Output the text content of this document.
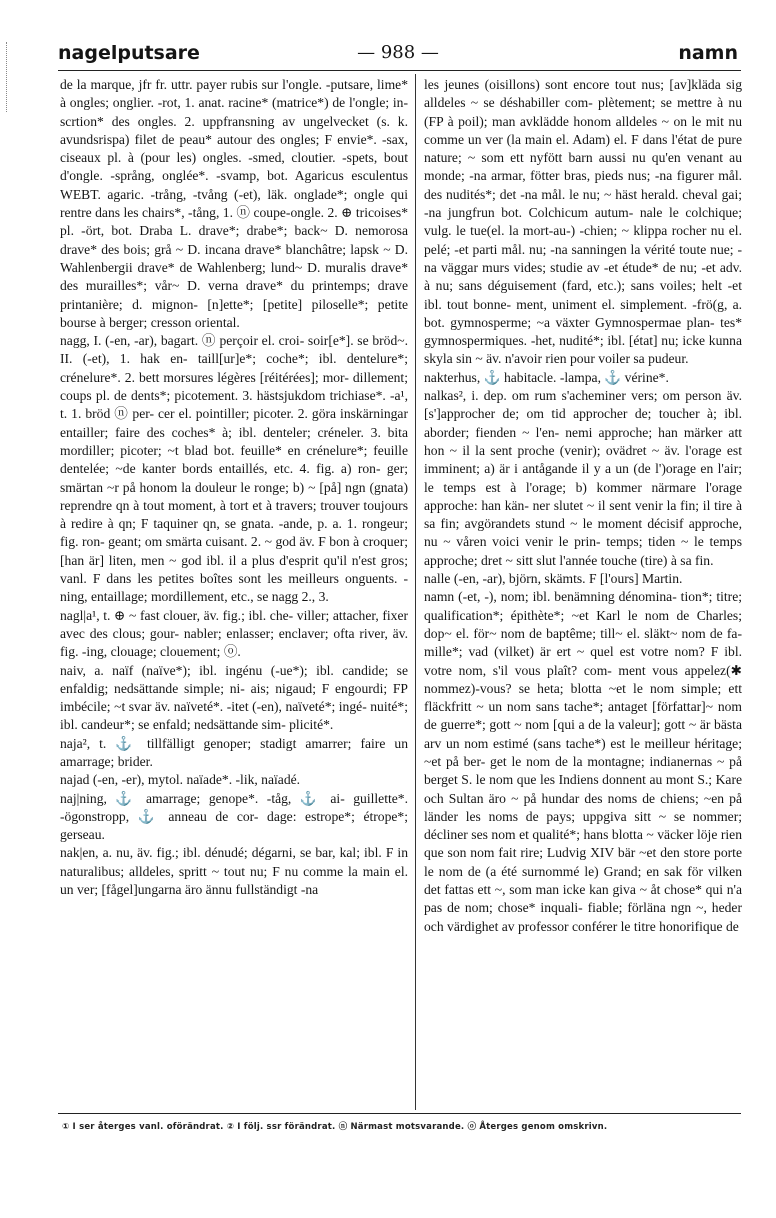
nagelputsare	— 988 —	namn

de la marque, jfr fr. uttr. payer rubis sur l'ongle. -putsare, lime* à ongles; onglier. -rot, 1. anat. racine* (matrice*) de l'ongle; in- scrtion* des ongles. 2. uppfransning av ungelvecket (s. k. avundsrispa) filet de peau* autour des ongles; F envie*. -sax, ciseaux pl. à (pour les) ongles. -smed, cloutier. -spets, bout d'ongle. -språng, onglée*. -svamp, bot. Agaricus esculentus WEBT. agaric. -trång, -tvång (-et), läk. onglade*; ongle qui rentre dans les chairs*, -tång, 1. ⓝ coupe-ongle. 2. ⊕ tricoises* pl. -ört, bot. Draba L. drave*; drabe*; back~ D. nemorosa drave* des bois; grå ~ D. incana drave* blanchâtre; lapsk ~ D. Wahlenbergii drave* de Wahlenberg; lund~ D. muralis drave* des murailles*; vår~ D. verna drave* du printemps; drave printanière; d. mignon- [n]ette*; [petite] piloselle*; petite bourse à berger; cresson oriental.

nagg, I. (-en, -ar), bagart. ⓝ perçoir el. croi- soir[e*]. se bröd~. II. (-et), 1. hak en- taill[ur]e*; coche*; ibl. dentelure*; crénelure*. 2. bett morsures légères [réitérées]; mor- dillement; coups pl. de dents*; picotement. 3. hästsjukdom trichiase*. -a¹, t. 1. bröd ⓝ per- cer el. pointiller; picoter. 2. göra inskärningar entailler; faire des coches* à; ibl. denteler; créneler. 3. bita mordiller; picoter; ~t blad bot. feuille* en crénelure*; feuille dentelée; ~de kanter bords entaillés, etc. 4. fig. a) ron- ger; smärtan ~r på honom la douleur le ronge; b) ~ [på] ngn (gnata) reprendre qn à tout moment, à tort et à travers; trouver toujours à redire à qn; F taquiner qn, se gnata. -ande, p. a. 1. rongeur; fig. ron- geant; om smärta cuisant. 2. ~ god äv. F bon à croquer; [han är] liten, men ~ god ibl. il a plus d'esprit qu'il n'est gros; vanl. F dans les petites boîtes sont les meilleurs onguents. -ning, entaillage; mordillement, etc., se nagg 2., 3.

nagl|a¹, t. ⊕ ~ fast clouer, äv. fig.; ibl. che- viller; attacher, fixer avec des clous; gour- nabler; enlasser; enclaver; ofta river, äv. fig. -ing, clouage; clouement; ⓞ.

naiv, a. naïf (naïve*); ibl. ingénu (-ue*); ibl. candide; se enfaldig; nedsättande simple; ni- ais; nigaud; F engourdi; FP imbécile; ~t svar äv. naïveté*. -itet (-en), naïveté*; ingé- nuité*; ibl. candeur*; se enfald; nedsättande sim- plicité*.

naja², t. ⚓ tillfälligt genoper; stadigt amarrer; faire un amarrage; brider.

najad (-en, -er), mytol. naïade*. -lik, naïadé.

naj|ning, ⚓ amarrage; genope*. -tåg, ⚓ ai- guillette*. -ögonstropp, ⚓ anneau de cor- dage: estrope*; étrope*; gerseau.

nak|en, a. nu, äv. fig.; ibl. dénudé; dégarni, se bar, kal; ibl. F in naturalibus; alldeles, spritt ~ tout nu; F nu comme la main el. un ver; [fågel]ungarna äro ännu fullständigt -na

les jeunes (oisillons) sont encore tout nus; [av]kläda sig alldeles ~ se déshabiller com- plètement; se mettre à nu (FP à poil); man avklädde honom alldeles ~ on le mit nu comme un ver (la main el. Adam) el. F dans l'état de pure nature; ~ som ett nyfött barn aussi nu qu'en venant au monde; -na armar, fötter bras, pieds nus; -na figurer mål. des nudités*; det -na mål. le nu; ~ häst herald. cheval gai; -na jungfrun bot. Colchicum autum- nale le colchique; vulg. le tue(el. la mort-au-) -chien; ~ klippa rocher nu el. pelé; -et parti mål. nu; -na sanningen la vérité toute nue; -na väggar murs vides; studie av -et étude* de nu; -et adv. à nu; sans déguisement (fard, etc.); sans voiles; helt -et ibl. tout bonne- ment, uniment el. simplement. -frö(g, a. bot. gymnosperme; ~a växter Gymnospermae plan- tes* gymnospermiques. -het, nudité*; ibl. [état] nu; icke kunna skyla sin ~ äv. n'avoir rien pour voiler sa pudeur.

nakterhus, ⚓ habitacle. -lampa, ⚓ vérine*.

nalkas², i. dep. om rum s'acheminer vers; om person äv. [s']approcher de; om tid approcher de; toucher à; ibl. aborder; fienden ~ l'en- nemi approche; han märker att hon ~ il la sent proche (venir); ovädret ~ äv. l'orage est imminent; a) är i antågande il y a un (de l')orage en l'air; le temps est à l'orage; b) kommer närmare l'orage approche: han kän- ner slutet ~ il sent venir la fin; il tire à sa fin; avgörandets stund ~ le moment décisif approche, nu ~ våren voici venir le prin- temps; tiden ~ le temps approche; dret ~ sitt slut l'année touche (tire) à sa fin.

nalle (-en, -ar), björn, skämts. F [l'ours] Martin.

namn (-et, -), nom; ibl. benämning dénomina- tion*; titre; qualification*; épithète*; ~et Karl le nom de Charles; dop~ el. för~ nom de baptême; till~ el. släkt~ nom de fa- mille*; vad (vilket) är ert ~ quel est votre nom? F ibl. votre nom, s'il vous plaît? com- ment vous appelez(✱ nommez)-vous? se heta; blotta ~et le nom simple; ett fläckfritt ~ un nom sans tache*; antaget [författar]~ nom de guerre*; gott ~ nom [qui a de la valeur]; gott ~ är bästa arv un nom estimé (sans tache*) est le meilleur héritage; ~et på ber- get le nom de la montagne; indianernas ~ på berget S. le nom que les Indiens donnent au mont S.; Kare och Sultan äro ~ på hundar des noms de chiens; ~en på länder les noms de pays; uppgiva sitt ~ se nommer; décliner ses nom et qualité*; hans blotta ~ väcker löje rien que son nom fait rire; Ludvig XIV bär ~et den store porte le nom de (a été surnommé le) Grand; en sak för vilken det fattas ett ~, som man icke kan giva ~ åt chose* qui n'a pas de nom; chose* inquali- fiable; förläna ngn ~, heder och värdighet av professor conférer le titre honorifique de

① I ser återges vanl. oförändrat. ② I följ. ssr förändrat. ⓝ Närmast motsvarande. ⓞ Återges genom omskrivn.
